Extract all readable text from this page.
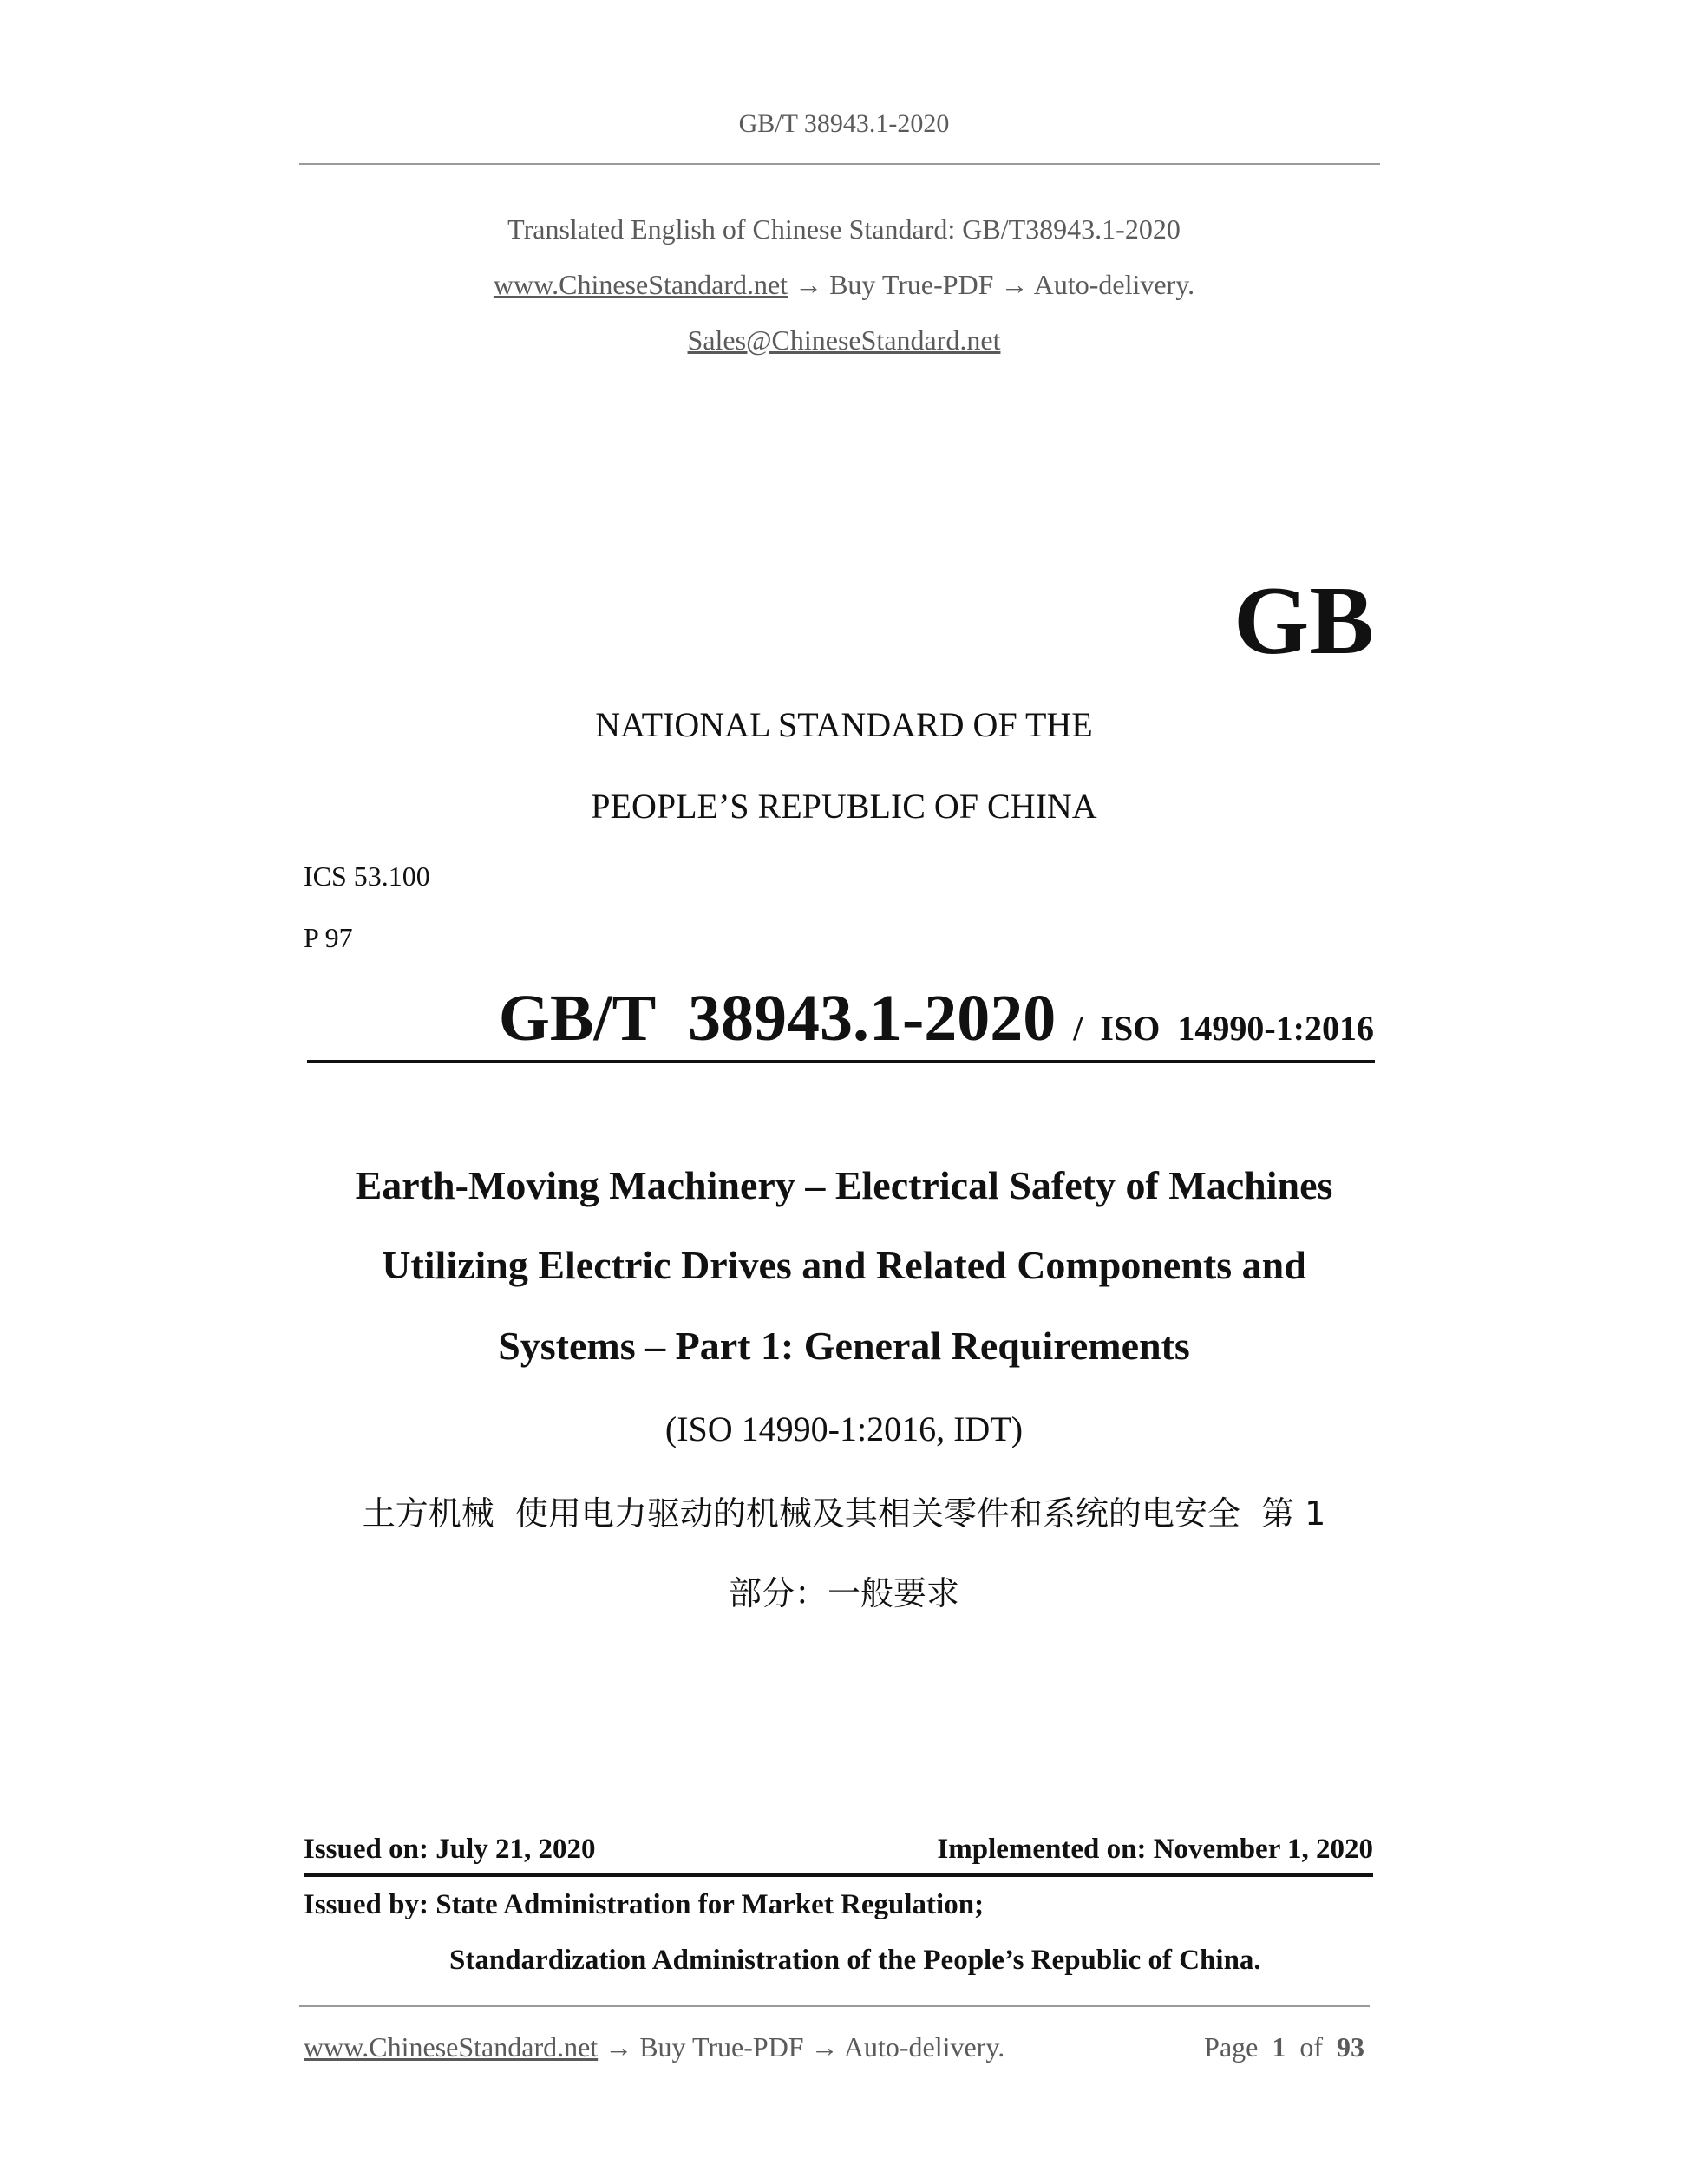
GB/T 38943.1-2020
Translated English of Chinese Standard: GB/T38943.1-2020
www.ChineseStandard.net → Buy True-PDF → Auto-delivery.
Sales@ChineseStandard.net
GB
NATIONAL STANDARD OF THE
PEOPLE’S REPUBLIC OF CHINA
ICS 53.100
P 97

GB/T  38943.1-2020 / ISO  14990-1:2016

Earth-Moving Machinery – Electrical Safety of Machines
Utilizing Electric Drives and Related Components and
Systems – Part 1: General Requirements
(ISO 14990-1:2016, IDT)
土方机械  使用电力驱动的机械及其相关零件和系统的电安全  第 1
部分：一般要求
Issued on: July 21, 2020	Implemented on: November 1, 2020
Issued by: State Administration for Market Regulation;
Standardization Administration of the People’s Republic of China.
www.ChineseStandard.net → Buy True-PDF → Auto-delivery.	Page 1 of 93
